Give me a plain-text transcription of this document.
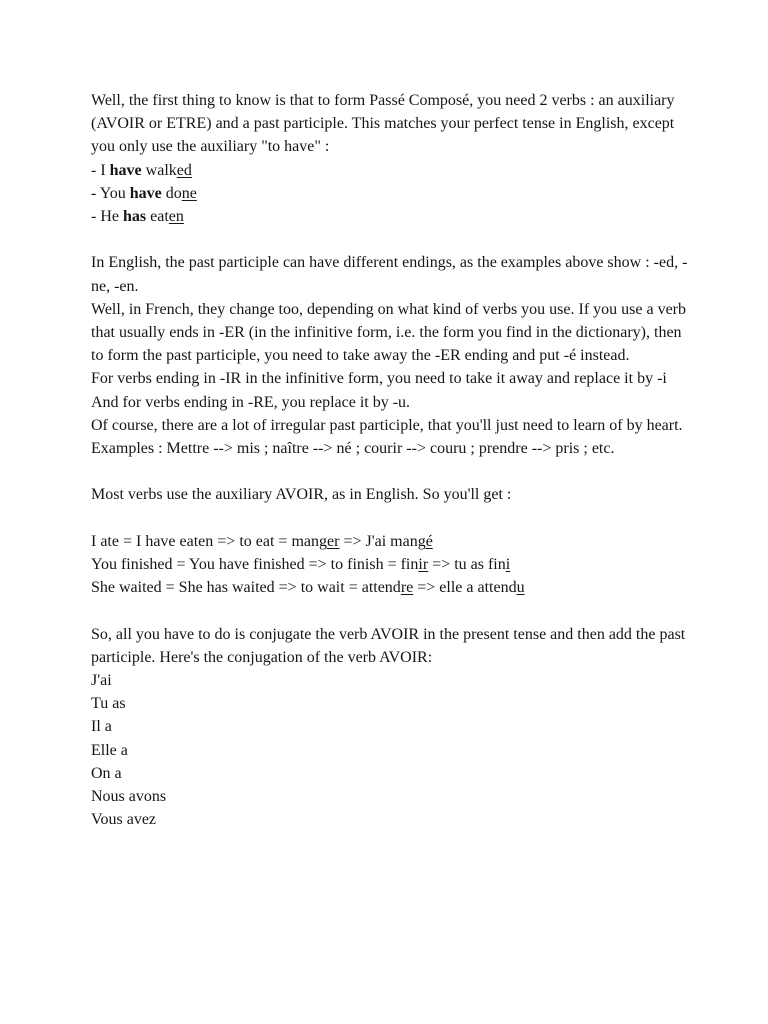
Well, the first thing to know is that to form Passé Composé, you need 2 verbs : an auxiliary (AVOIR or ETRE) and a past participle. This matches your perfect tense in English, except you only use the auxiliary "to have" :

- I have walked

- You have done

- He has eaten

In English, the past participle can have different endings, as the examples above show : -ed, -ne, -en.

Well, in French, they change too, depending on what kind of verbs you use. If you use a verb that usually ends in -ER (in the infinitive form, i.e. the form you find in the dictionary), then to form the past participle, you need to take away the -ER ending and put -é instead.

For verbs ending in -IR in the infinitive form, you need to take it away and replace it by -i

And for verbs ending in -RE, you replace it by -u.

Of course, there are a lot of irregular past participle, that you'll just need to learn of by heart. Examples : Mettre --> mis ; naître --> né ; courir --> couru ; prendre --> pris ; etc.

Most verbs use the auxiliary AVOIR, as in English. So you'll get :

I ate = I have eaten => to eat = manger => J'ai mangé

You finished = You have finished => to finish = finir => tu as fini

She waited = She has waited => to wait = attendre => elle a attendu

So, all you have to do is conjugate the verb AVOIR in the present tense and then add the past participle. Here's the conjugation of the verb AVOIR:

J'ai

Tu as

Il a

Elle a

On a

Nous avons

Vous avez
